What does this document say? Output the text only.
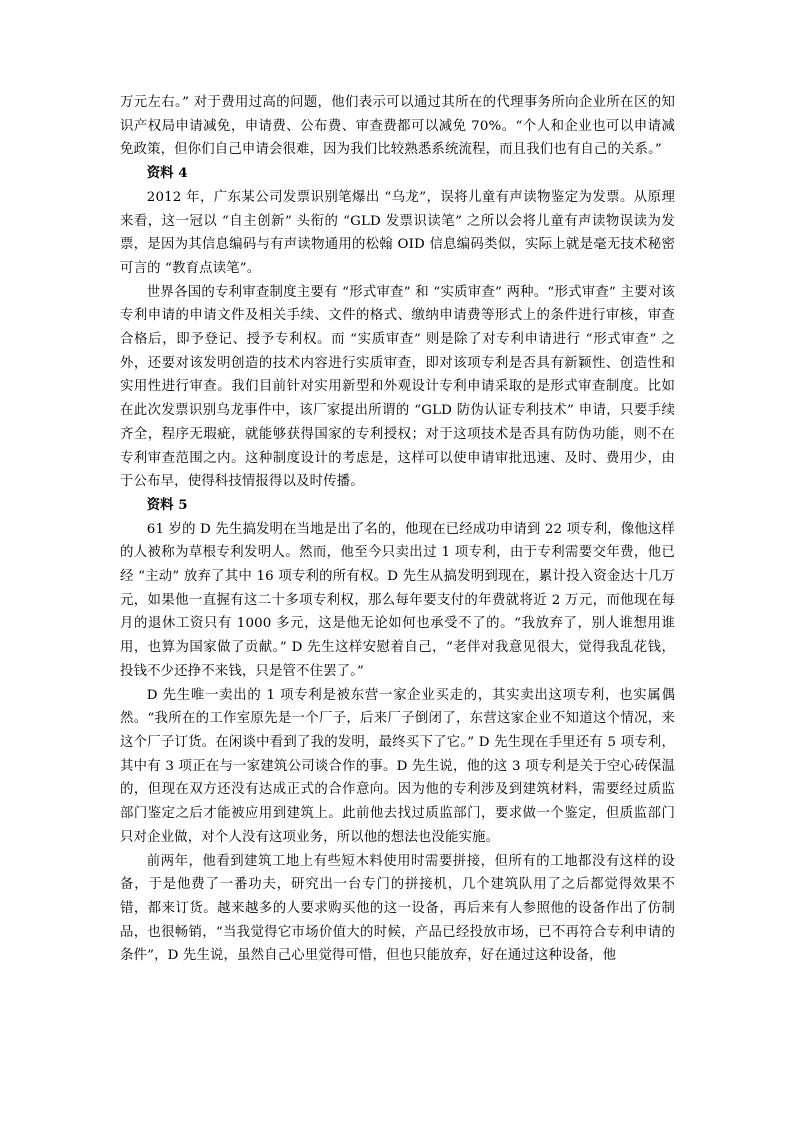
万元左右。” 对于费用过高的问题，他们表示可以通过其所在的代理事务所向企业所在区的知识产权局申请减免，申请费、公布费、审查费都可以减免 70%。“个人和企业也可以申请减免政策，但你们自己申请会很难，因为我们比较熟悉系统流程，而且我们也有自己的关系。”

资料 4

2012 年，广东某公司发票识别笔爆出 “乌龙”，误将儿童有声读物鉴定为发票。从原理来看，这一冠以 “自主创新” 头衔的 “GLD 发票识读笔” 之所以会将儿童有声读物误读为发票，是因为其信息编码与有声读物通用的松翰 OID 信息编码类似，实际上就是毫无技术秘密可言的 “教育点读笔”。

世界各国的专利审查制度主要有 “形式审查” 和 “实质审查” 两种。“形式审查” 主要对该专利申请的申请文件及相关手续、文件的格式、缴纳申请费等形式上的条件进行审核，审查合格后，即予登记、授予专利权。而 “实质审查” 则是除了对专利申请进行 “形式审查” 之外，还要对该发明创造的技术内容进行实质审查，即对该项专利是否具有新颖性、创造性和实用性进行审查。我们目前针对实用新型和外观设计专利申请采取的是形式审查制度。比如在此次发票识别乌龙事件中，该厂家提出所谓的 “GLD 防伪认证专利技术” 申请，只要手续齐全，程序无瑕疵，就能够获得国家的专利授权；对于这项技术是否具有防伪功能，则不在专利审查范围之内。这种制度设计的考虑是，这样可以使申请审批迅速、及时、费用少，由于公布早，使得科技情报得以及时传播。

资料 5

61 岁的 D 先生搞发明在当地是出了名的，他现在已经成功申请到 22 项专利，像他这样的人被称为草根专利发明人。然而，他至今只卖出过 1 项专利，由于专利需要交年费，他已经 “主动” 放弃了其中 16 项专利的所有权。D 先生从搞发明到现在，累计投入资金达十几万元，如果他一直握有这二十多项专利权，那么每年要支付的年费就将近 2 万元，而他现在每月的退休工资只有 1000 多元，这是他无论如何也承受不了的。“我放弃了，别人谁想用谁用，也算为国家做了贡献。” D 先生这样安慰着自己，“老伴对我意见很大，觉得我乱花钱，投钱不少还挣不来钱，只是管不住罢了。”

D 先生唯一卖出的 1 项专利是被东营一家企业买走的，其实卖出这项专利，也实属偶然。“我所在的工作室原先是一个厂子，后来厂子倒闭了，东营这家企业不知道这个情况，来这个厂子订货。在闲谈中看到了我的发明，最终买下了它。” D 先生现在手里还有 5 项专利，其中有 3 项正在与一家建筑公司谈合作的事。D 先生说，他的这 3 项专利是关于空心砖保温的，但现在双方还没有达成正式的合作意向。因为他的专利涉及到建筑材料，需要经过质监部门鉴定之后才能被应用到建筑上。此前他去找过质监部门，要求做一个鉴定，但质监部门只对企业做，对个人没有这项业务，所以他的想法也没能实施。

前两年，他看到建筑工地上有些短木料使用时需要拼接，但所有的工地都没有这样的设备，于是他费了一番功夫，研究出一台专门的拼接机，几个建筑队用了之后都觉得效果不错，都来订货。越来越多的人要求购买他的这一设备，再后来有人参照他的设备作出了仿制品，也很畅销，“当我觉得它市场价值大的时候，产品已经投放市场，已不再符合专利申请的条件”，D 先生说，虽然自己心里觉得可惜，但也只能放弃，好在通过这种设备，他
